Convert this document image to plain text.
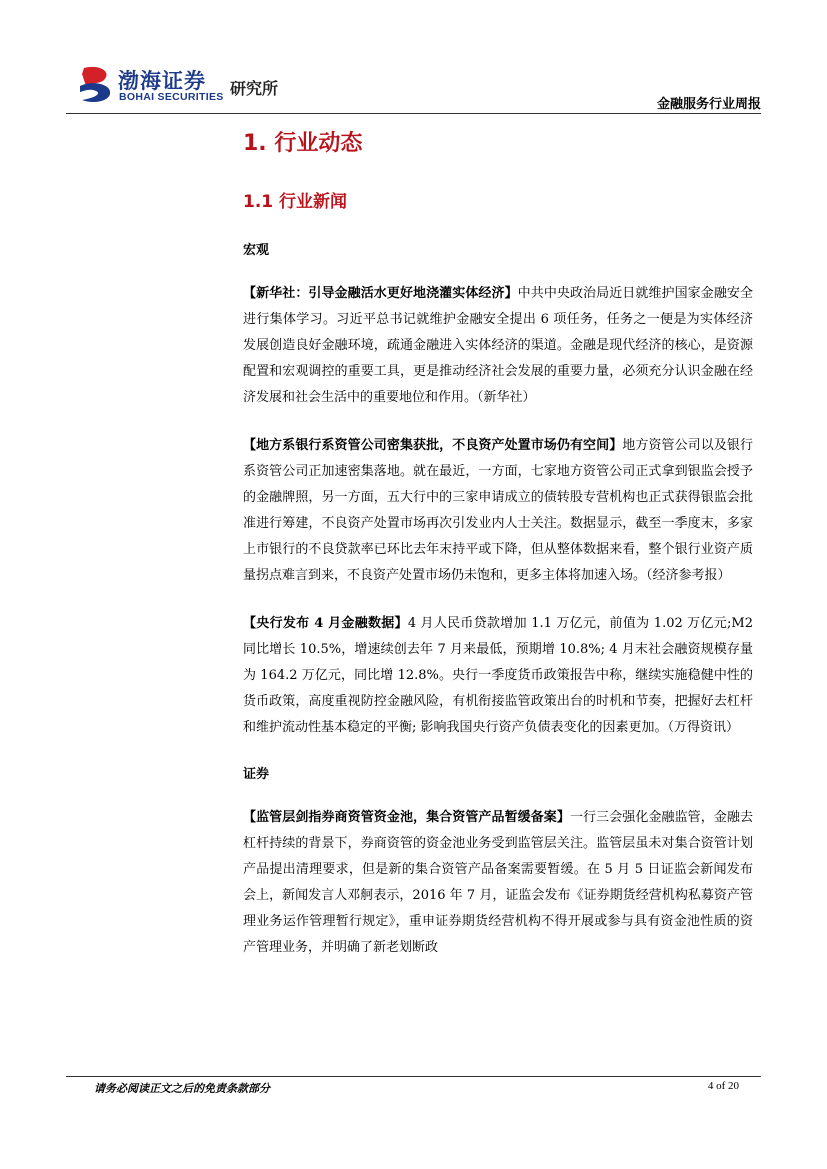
渤海证券
BOHAI SECURITIES 研究所
金融服务行业周报
1. 行业动态
1.1 行业新闻
宏观

【新华社：引导金融活水更好地浇灌实体经济】中共中央政治局近日就维护国家金融安全进行集体学习。习近平总书记就维护金融安全提出 6 项任务，任务之一便是为实体经济发展创造良好金融环境，疏通金融进入实体经济的渠道。金融是现代经济的核心，是资源配置和宏观调控的重要工具，更是推动经济社会发展的重要力量，必须充分认识金融在经济发展和社会生活中的重要地位和作用。（新华社）

【地方系银行系资管公司密集获批，不良资产处置市场仍有空间】地方资管公司以及银行系资管公司正加速密集落地。就在最近，一方面，七家地方资管公司正式拿到银监会授予的金融牌照，另一方面，五大行中的三家申请成立的债转股专营机构也正式获得银监会批准进行筹建，不良资产处置市场再次引发业内人士关注。数据显示，截至一季度末，多家上市银行的不良贷款率已环比去年末持平或下降，但从整体数据来看，整个银行业资产质量拐点难言到来，不良资产处置市场仍未饱和，更多主体将加速入场。（经济参考报）

【央行发布 4 月金融数据】4 月人民币贷款增加 1.1 万亿元，前值为 1.02 万亿元;M2 同比增长 10.5%，增速续创去年 7 月来最低，预期增 10.8%; 4 月末社会融资规模存量为 164.2 万亿元，同比增 12.8%。央行一季度货币政策报告中称，继续实施稳健中性的货币政策，高度重视防控金融风险，有机衔接监管政策出台的时机和节奏，把握好去杠杆和维护流动性基本稳定的平衡; 影响我国央行资产负债表变化的因素更加。（万得资讯）

证券

【监管层剑指券商资管资金池，集合资管产品暂缓备案】一行三会强化金融监管，金融去杠杆持续的背景下，券商资管的资金池业务受到监管层关注。监管层虽未对集合资管计划产品提出清理要求，但是新的集合资管产品备案需要暂缓。在 5 月 5 日证监会新闻发布会上，新闻发言人邓舸表示，2016 年 7 月，证监会发布《证券期货经营机构私募资产管理业务运作管理暂行规定》，重申证券期货经营机构不得开展或参与具有资金池性质的资产管理业务，并明确了新老划断政

请务必阅读正文之后的免责条款部分	4 of 20
